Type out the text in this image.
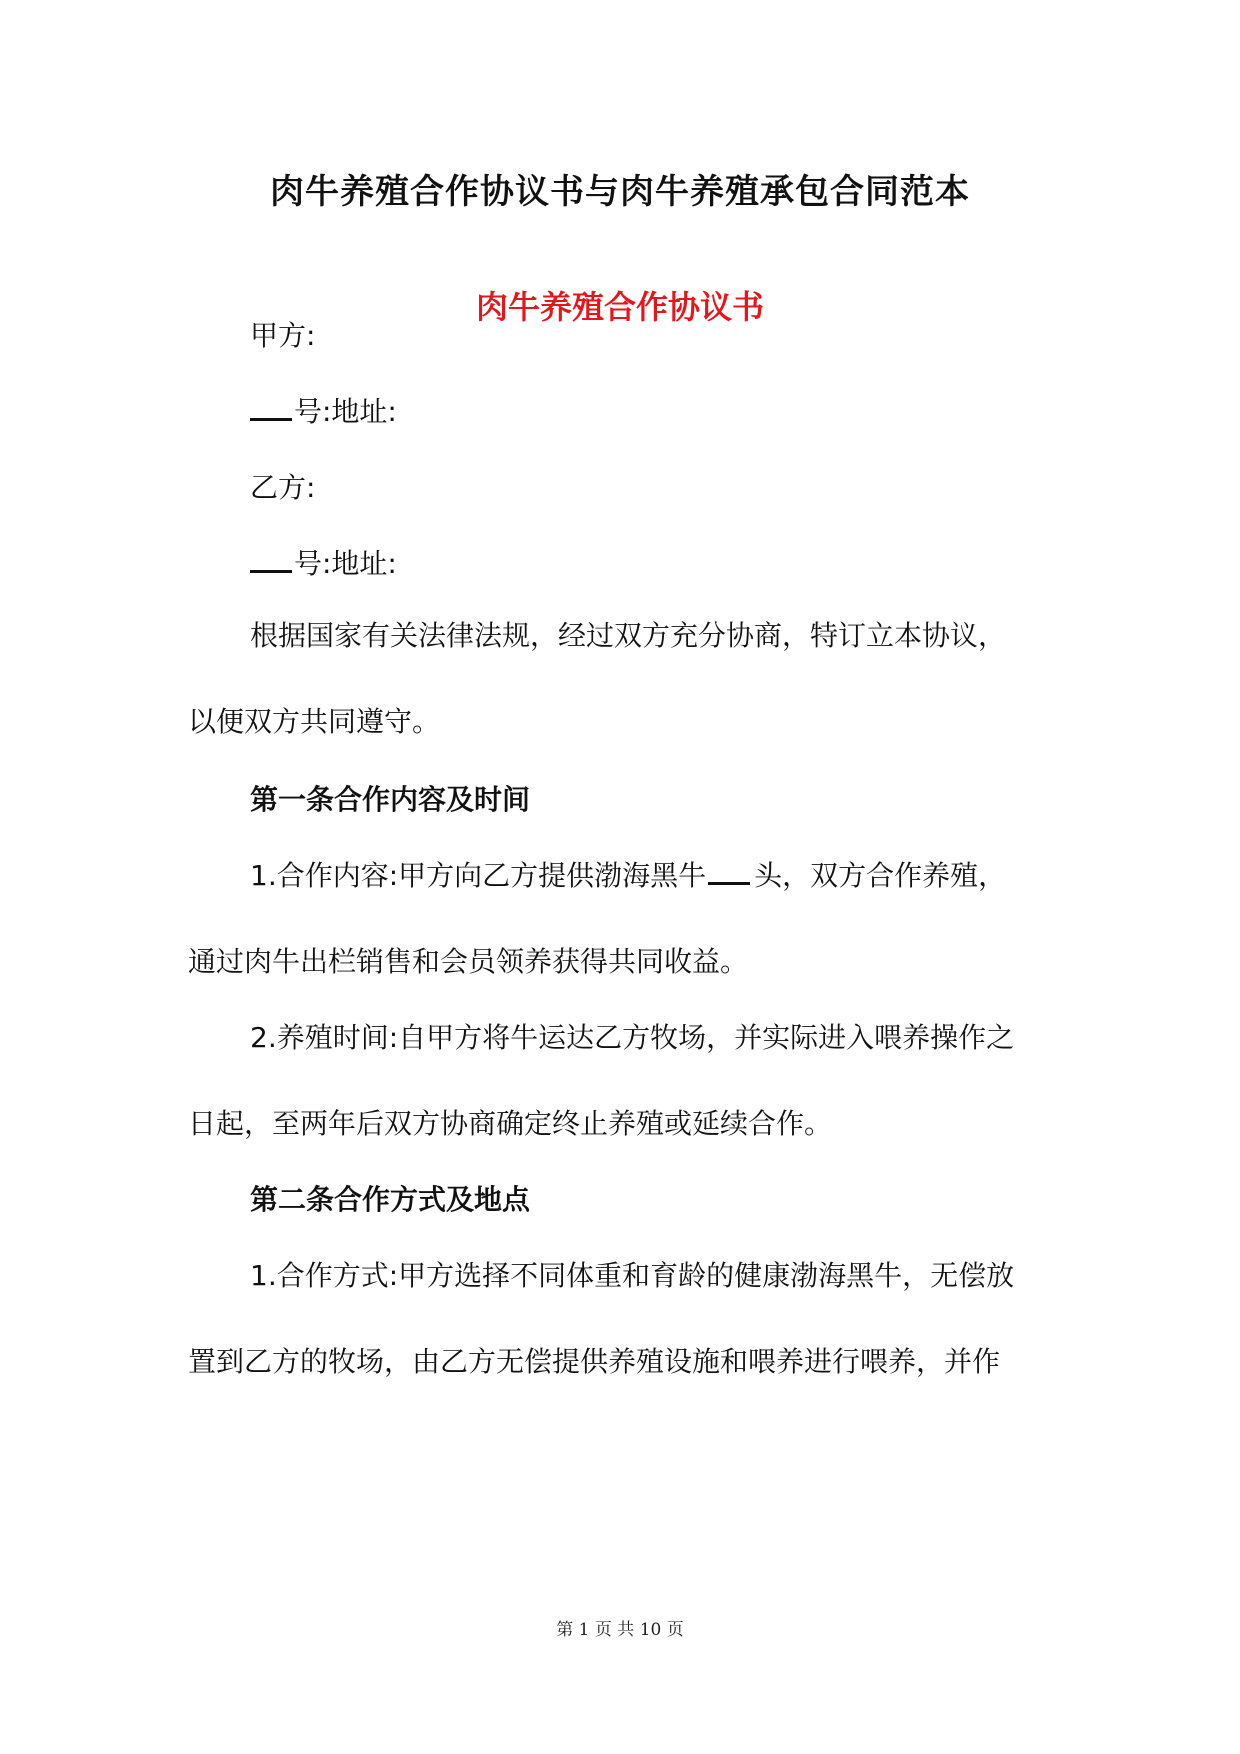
肉牛养殖合作协议书与肉牛养殖承包合同范本
肉牛养殖合作协议书
甲方:
号:地址:
乙方:
号:地址:
根据国家有关法律法规，经过双方充分协商，特订立本协议，
以便双方共同遵守。
第一条合作内容及时间
1.合作内容:甲方向乙方提供渤海黑牛 头，双方合作养殖，
通过肉牛出栏销售和会员领养获得共同收益。
2.养殖时间:自甲方将牛运达乙方牧场，并实际进入喂养操作之
日起，至两年后双方协商确定终止养殖或延续合作。
第二条合作方式及地点
1.合作方式:甲方选择不同体重和育龄的健康渤海黑牛，无偿放
置到乙方的牧场，由乙方无偿提供养殖设施和喂养进行喂养，并作
第 1 页 共 10 页
